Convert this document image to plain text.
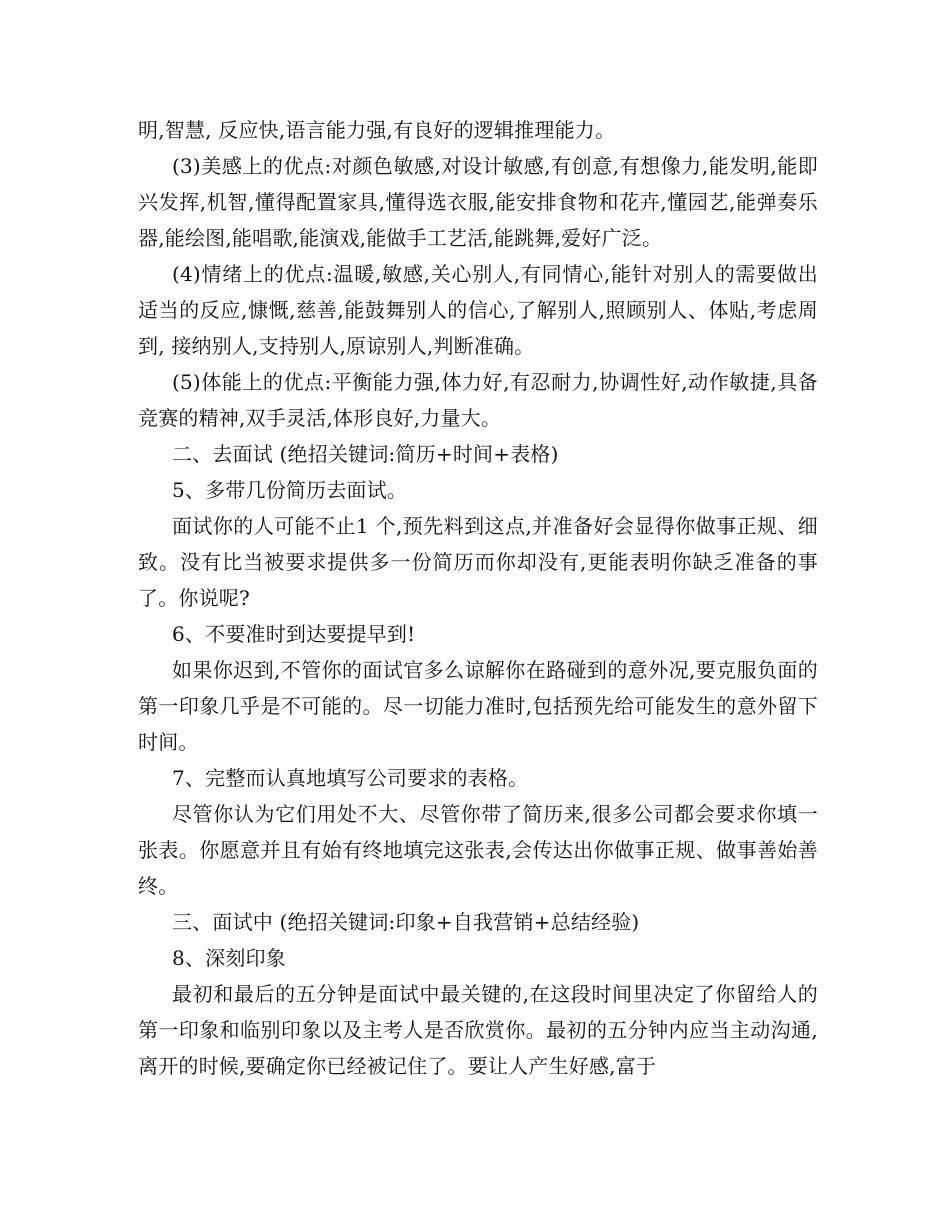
明,智慧, 反应快,语言能力强,有良好的逻辑推理能力。

(3)美感上的优点:对颜色敏感,对设计敏感,有创意,有想像力,能发明,能即兴发挥,机智,懂得配置家具,懂得选衣服,能安排食物和花卉,懂园艺,能弹奏乐器,能绘图,能唱歌,能演戏,能做手工艺活,能跳舞,爱好广泛。

(4)情绪上的优点:温暖,敏感,关心别人,有同情心,能针对别人的需要做出适当的反应,慷慨,慈善,能鼓舞别人的信心,了解别人,照顾别人、体贴,考虑周到, 接纳别人,支持别人,原谅别人,判断准确。

(5)体能上的优点:平衡能力强,体力好,有忍耐力,协调性好,动作敏捷,具备竞赛的精神,双手灵活,体形良好,力量大。

二、去面试 (绝招关键词:简历+时间+表格)

5、多带几份简历去面试。

面试你的人可能不止1 个,预先料到这点,并准备好会显得你做事正规、细致。没有比当被要求提供多一份简历而你却没有,更能表明你缺乏准备的事了。你说呢?

6、不要准时到达要提早到!

如果你迟到,不管你的面试官多么谅解你在路碰到的意外况,要克服负面的第一印象几乎是不可能的。尽一切能力准时,包括预先给可能发生的意外留下时间。

7、完整而认真地填写公司要求的表格。

尽管你认为它们用处不大、尽管你带了简历来,很多公司都会要求你填一张表。你愿意并且有始有终地填完这张表,会传达出你做事正规、做事善始善终。

三、面试中 (绝招关键词:印象+自我营销+总结经验)

8、深刻印象

最初和最后的五分钟是面试中最关键的,在这段时间里决定了你留给人的第一印象和临别印象以及主考人是否欣赏你。最初的五分钟内应当主动沟通,离开的时候,要确定你已经被记住了。要让人产生好感,富于
